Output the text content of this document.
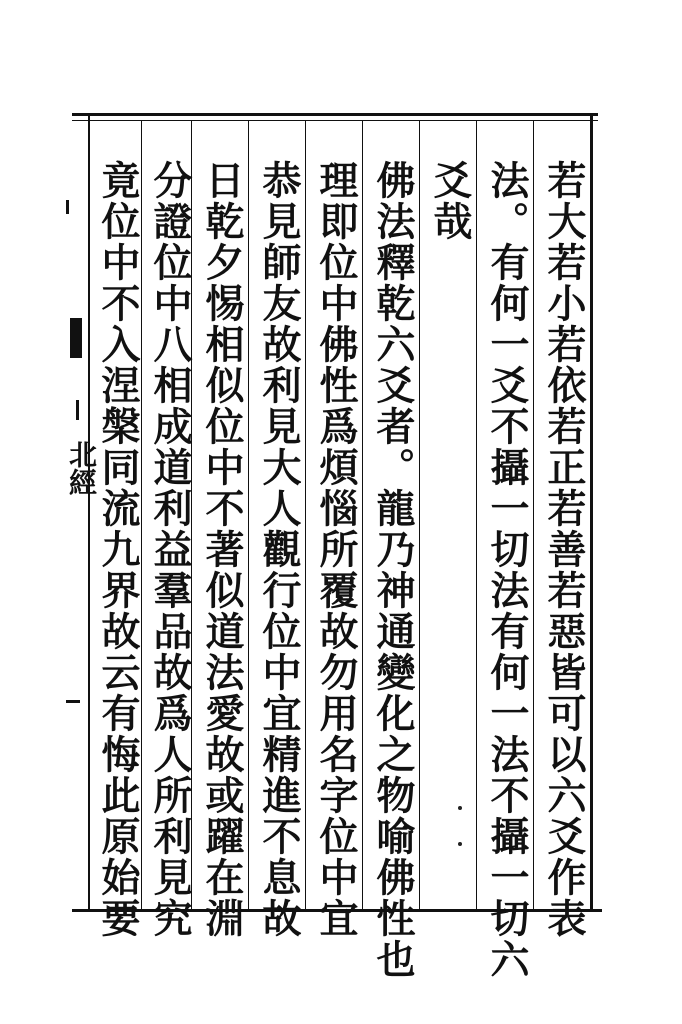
北經	若大若小若依若正若善若惡皆可以六爻作表
法。有何一爻不攝一切法有何一法不攝一切六
爻哉
佛法釋乾六爻者。龍乃神通變化之物喻佛性也
理即位中佛性爲煩惱所覆故勿用名字位中宜
恭見師友故利見大人觀行位中宜精進不息故
日乾夕惕相似位中不著似道法愛故或躍在淵
分證位中八相成道利益羣品故爲人所利見究
竟位中不入涅槃同流九界故云有悔此原始要
